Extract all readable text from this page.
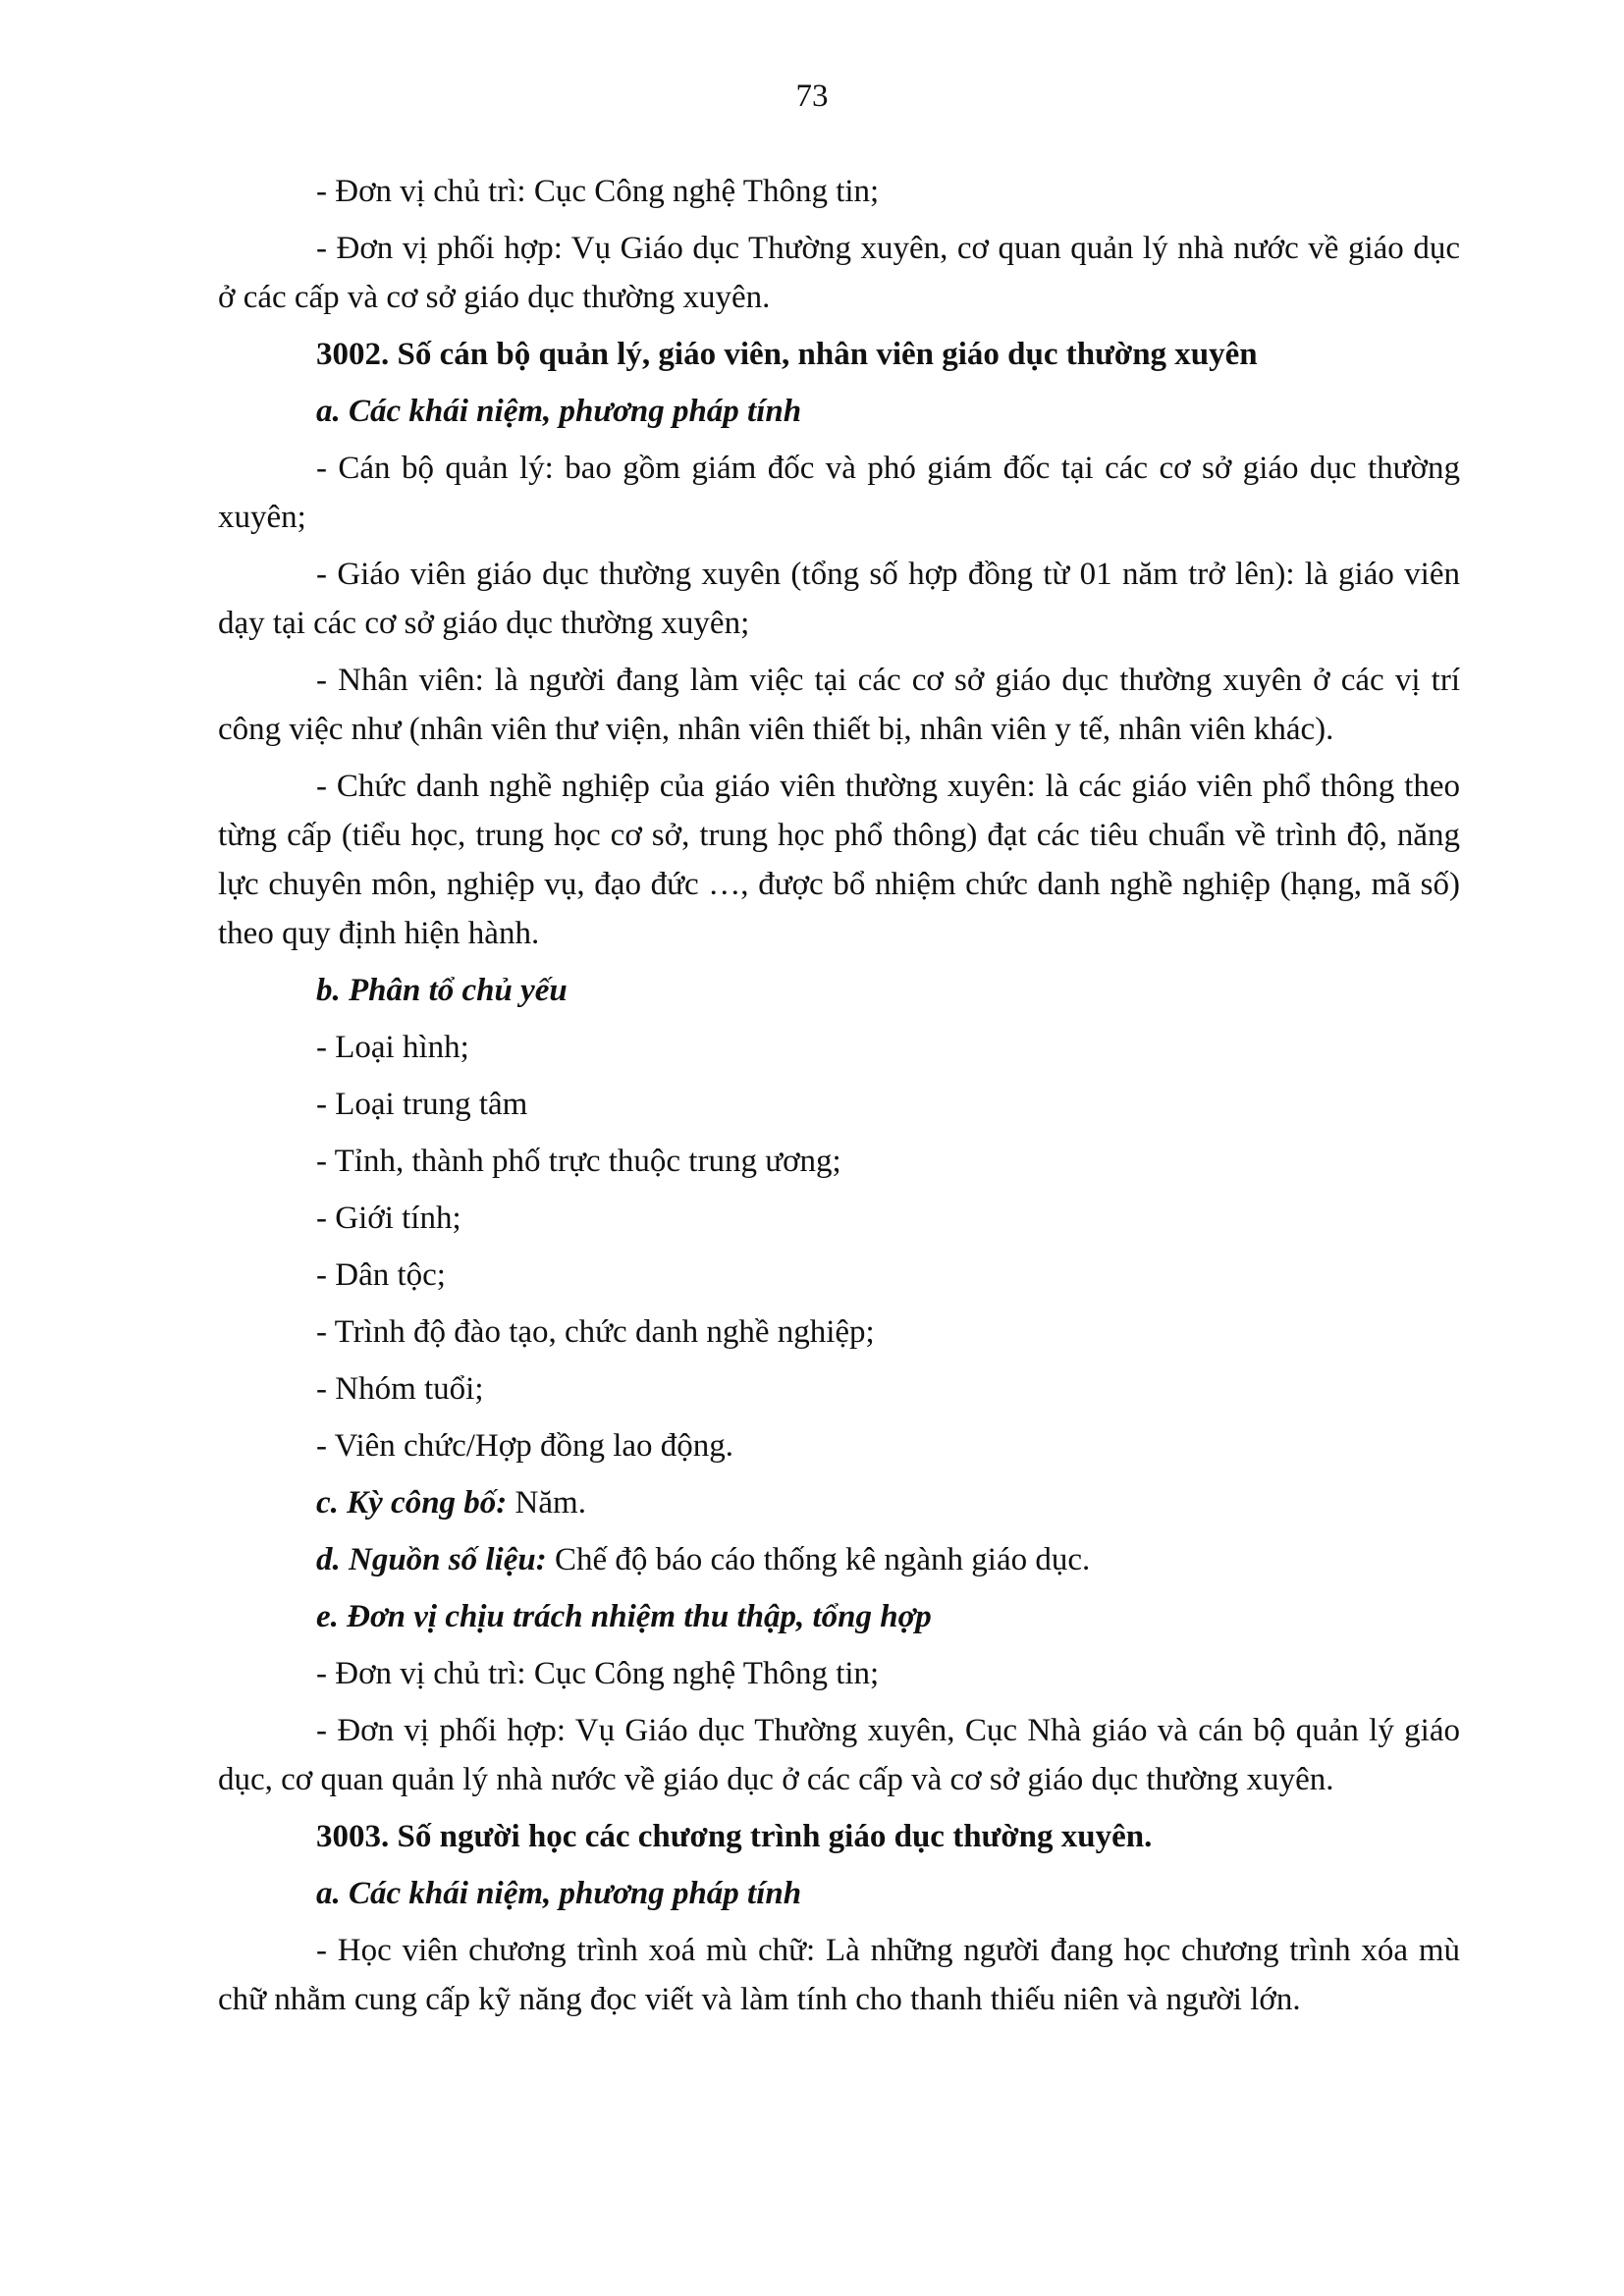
73

- Đơn vị chủ trì: Cục Công nghệ Thông tin;

- Đơn vị phối hợp: Vụ Giáo dục Thường xuyên, cơ quan quản lý nhà nước về giáo dục ở các cấp và cơ sở giáo dục thường xuyên.

3002. Số cán bộ quản lý, giáo viên, nhân viên giáo dục thường xuyên

a. Các khái niệm, phương pháp tính

- Cán bộ quản lý: bao gồm giám đốc và phó giám đốc tại các cơ sở giáo dục thường xuyên;

- Giáo viên giáo dục thường xuyên (tổng số hợp đồng từ 01 năm trở lên): là giáo viên dạy tại các cơ sở giáo dục thường xuyên;

- Nhân viên: là người đang làm việc tại các cơ sở giáo dục thường xuyên ở các vị trí công việc như (nhân viên thư viện, nhân viên thiết bị, nhân viên y tế, nhân viên khác).

- Chức danh nghề nghiệp của giáo viên thường xuyên: là các giáo viên phổ thông theo từng cấp (tiểu học, trung học cơ sở, trung học phổ thông) đạt các tiêu chuẩn về trình độ, năng lực chuyên môn, nghiệp vụ, đạo đức …, được bổ nhiệm chức danh nghề nghiệp (hạng, mã số) theo quy định hiện hành.

b. Phân tổ chủ yếu

- Loại hình;

- Loại trung tâm

- Tỉnh, thành phố trực thuộc trung ương;

- Giới tính;

- Dân tộc;

- Trình độ đào tạo, chức danh nghề nghiệp;

- Nhóm tuổi;

- Viên chức/Hợp đồng lao động.

c. Kỳ công bố: Năm.

d. Nguồn số liệu: Chế độ báo cáo thống kê ngành giáo dục.

e. Đơn vị chịu trách nhiệm thu thập, tổng hợp

- Đơn vị chủ trì: Cục Công nghệ Thông tin;

- Đơn vị phối hợp: Vụ Giáo dục Thường xuyên, Cục Nhà giáo và cán bộ quản lý giáo dục, cơ quan quản lý nhà nước về giáo dục ở các cấp và cơ sở giáo dục thường xuyên.

3003. Số người học các chương trình giáo dục thường xuyên.

a. Các khái niệm, phương pháp tính

- Học viên chương trình xoá mù chữ: Là những người đang học chương trình xóa mù chữ nhằm cung cấp kỹ năng đọc viết và làm tính cho thanh thiếu niên và người lớn.
